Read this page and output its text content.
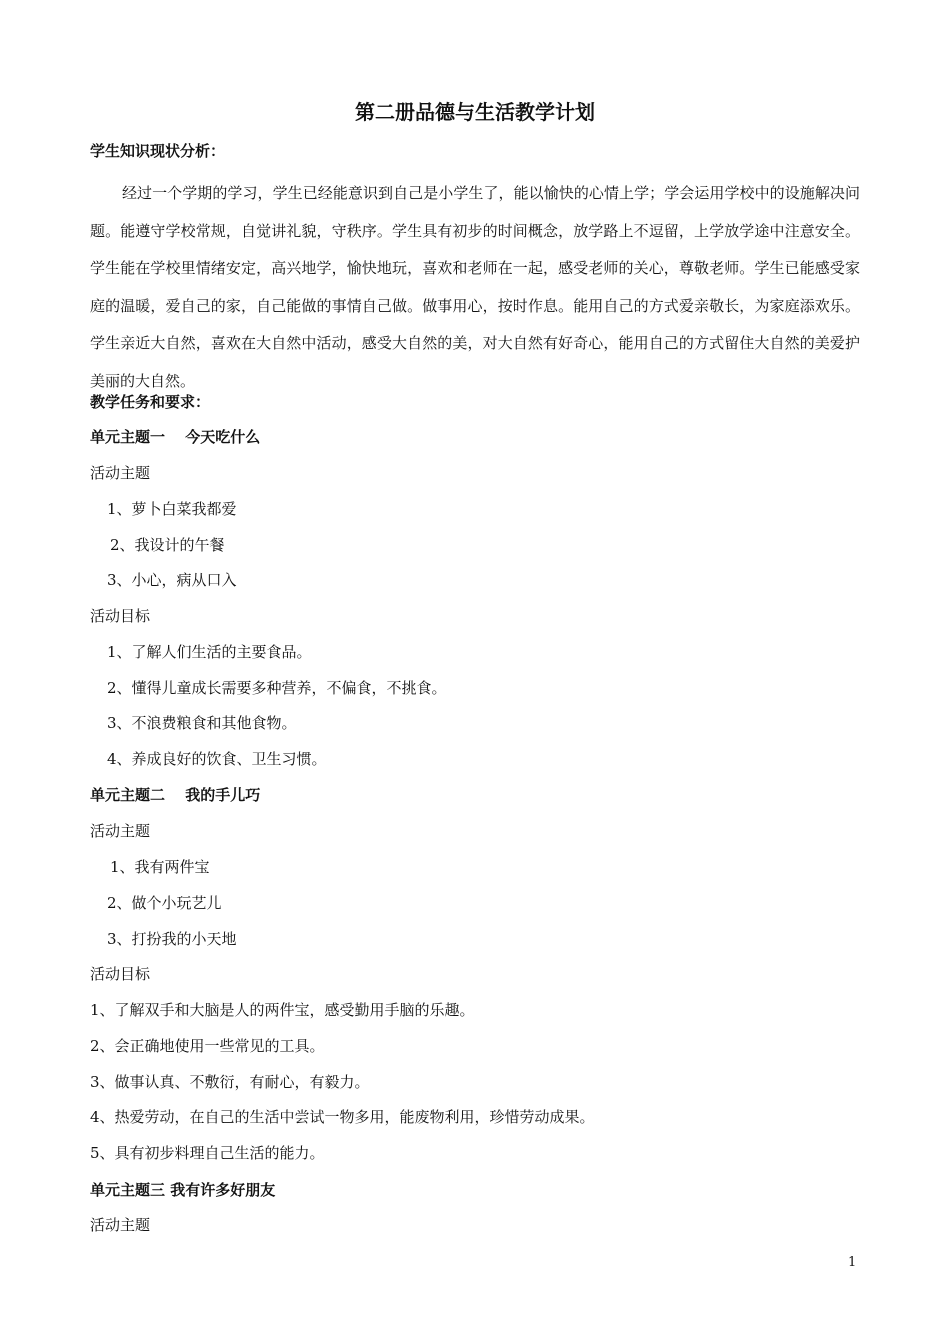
第二册品德与生活教学计划
学生知识现状分析：
经过一个学期的学习，学生已经能意识到自己是小学生了，能以愉快的心情上学；学会运用学校中的设施解决问题。能遵守学校常规，自觉讲礼貌，守秩序。学生具有初步的时间概念，放学路上不逗留，上学放学途中注意安全。学生能在学校里情绪安定，高兴地学，愉快地玩，喜欢和老师在一起，感受老师的关心，尊敬老师。学生已能感受家庭的温暖，爱自己的家，自己能做的事情自己做。做事用心，按时作息。能用自己的方式爱亲敬长，为家庭添欢乐。学生亲近大自然，喜欢在大自然中活动，感受大自然的美，对大自然有好奇心，能用自己的方式留住大自然的美爱护美丽的大自然。
教学任务和要求：
单元主题一　 今天吃什么
活动主题
1、萝卜白菜我都爱
2、我设计的午餐
3、小心，病从口入
活动目标
1、了解人们生活的主要食品。
2、懂得儿童成长需要多种营养，不偏食，不挑食。
3、不浪费粮食和其他食物。
4、养成良好的饮食、卫生习惯。
单元主题二　 我的手儿巧
活动主题
1、我有两件宝
2、做个小玩艺儿
3、打扮我的小天地
活动目标
1、了解双手和大脑是人的两件宝，感受勤用手脑的乐趣。
2、会正确地使用一些常见的工具。
3、做事认真、不敷衍，有耐心，有毅力。
4、热爱劳动，在自己的生活中尝试一物多用，能废物利用，珍惜劳动成果。
5、具有初步料理自己生活的能力。
单元主题三 我有许多好朋友
活动主题
1
